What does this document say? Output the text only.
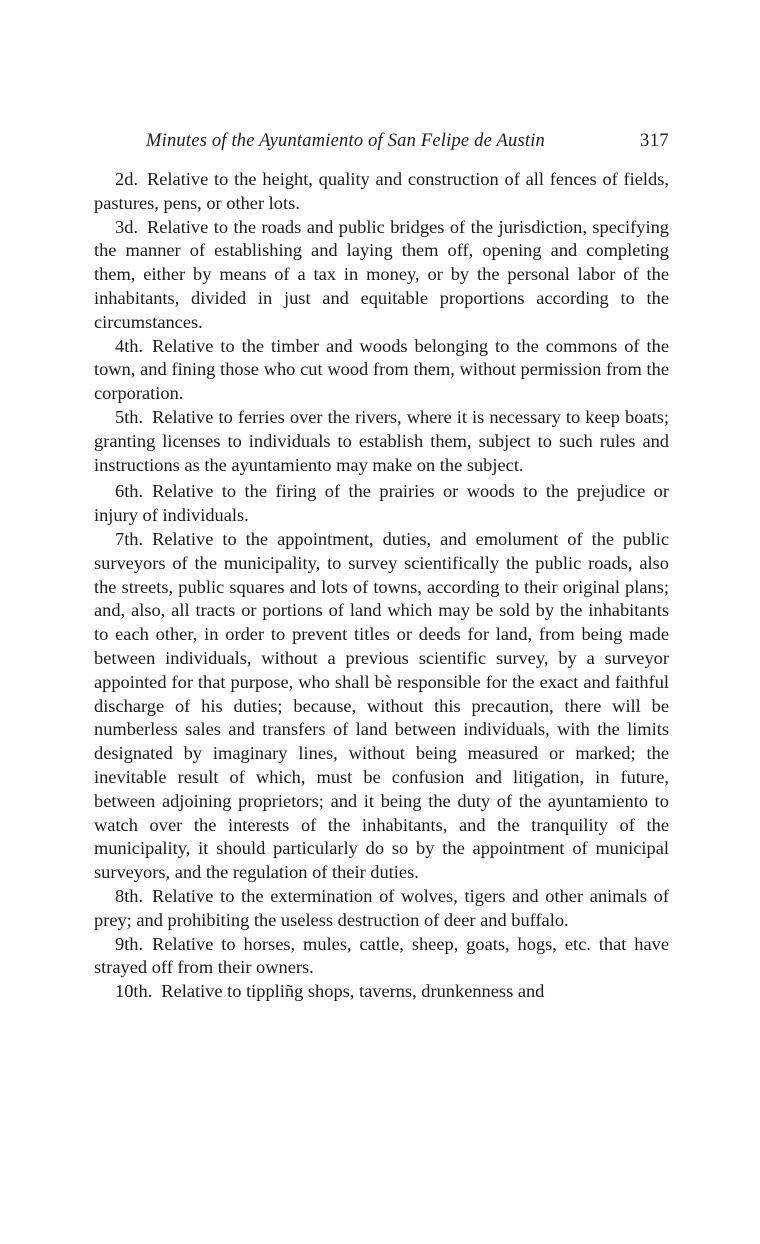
Minutes of the Ayuntamiento of San Felipe de Austin	317

2d. Relative to the height, quality and construction of all fences of fields, pastures, pens, or other lots.

3d. Relative to the roads and public bridges of the jurisdiction, specifying the manner of establishing and laying them off, opening and completing them, either by means of a tax in money, or by the personal labor of the inhabitants, divided in just and equitable proportions according to the circumstances.

4th. Relative to the timber and woods belonging to the commons of the town, and fining those who cut wood from them, without permission from the corporation.

5th. Relative to ferries over the rivers, where it is necessary to keep boats; granting licenses to individuals to establish them, subject to such rules and instructions as the ayuntamiento may make on the subject.

6th. Relative to the firing of the prairies or woods to the prejudice or injury of individuals.

7th. Relative to the appointment, duties, and emolument of the public surveyors of the municipality, to survey scientifically the public roads, also the streets, public squares and lots of towns, according to their original plans; and, also, all tracts or portions of land which may be sold by the inhabitants to each other, in order to prevent titles or deeds for land, from being made between individuals, without a previous scientific survey, by a surveyor appointed for that purpose, who shall bè responsible for the exact and faithful discharge of his duties; because, without this precaution, there will be numberless sales and transfers of land between individuals, with the limits designated by imaginary lines, without being measured or marked; the inevitable result of which, must be confusion and litigation, in future, between adjoining proprietors; and it being the duty of the ayuntamiento to watch over the interests of the inhabitants, and the tranquility of the municipality, it should particularly do so by the appointment of municipal surveyors, and the regulation of their duties.

8th. Relative to the extermination of wolves, tigers and other animals of prey; and prohibiting the useless destruction of deer and buffalo.

9th. Relative to horses, mules, cattle, sheep, goats, hogs, etc. that have strayed off from their owners.

10th. Relative to tippliñg shops, taverns, drunkenness and
